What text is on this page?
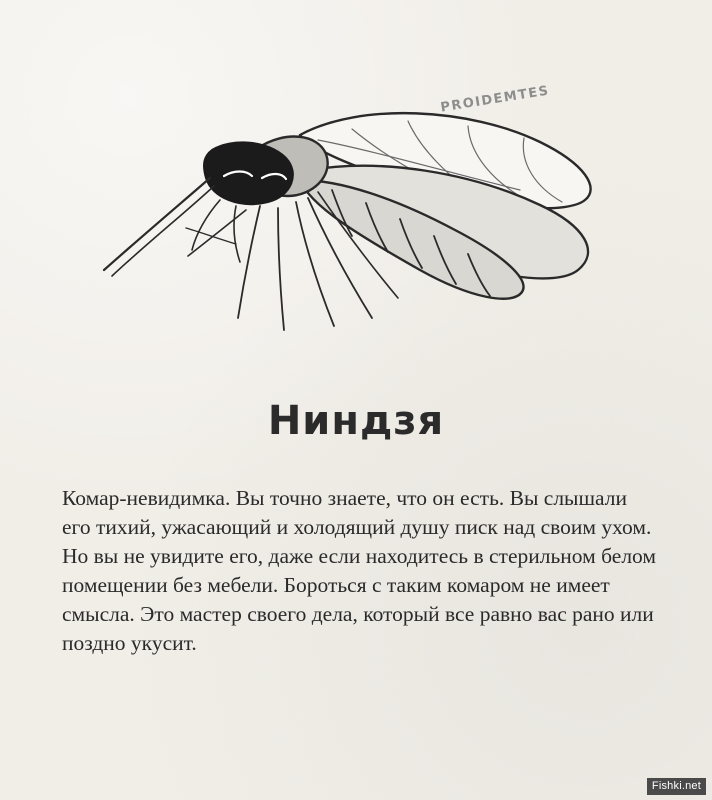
PROIDEMTES
Ниндзя
Комар-невидимка. Вы точно знаете, что он есть. Вы слышали его тихий, ужасающий и холодящий душу писк над своим ухом. Но вы не увидите его, даже если находитесь в стерильном белом помещении без мебели. Бороться с таким комаром не имеет смысла. Это мастер своего дела, который все равно вас рано или поздно укусит.
Fishki.net
